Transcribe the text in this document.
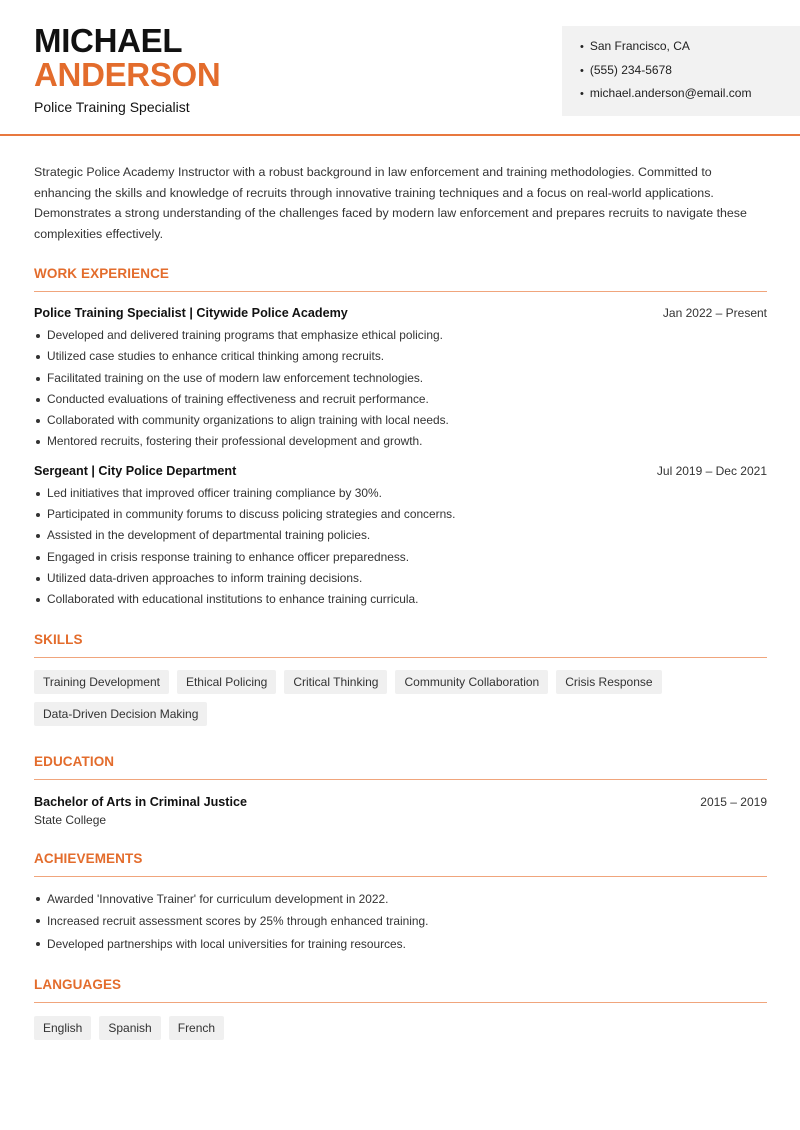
MICHAEL
ANDERSON
Police Training Specialist
• San Francisco, CA
• (555) 234-5678
• michael.anderson@email.com

Strategic Police Academy Instructor with a robust background in law enforcement and training methodologies. Committed to enhancing the skills and knowledge of recruits through innovative training techniques and a focus on real-world applications. Demonstrates a strong understanding of the challenges faced by modern law enforcement and prepares recruits to navigate these complexities effectively.

WORK EXPERIENCE
Police Training Specialist | Citywide Police Academy	Jan 2022 – Present
Developed and delivered training programs that emphasize ethical policing.
Utilized case studies to enhance critical thinking among recruits.
Facilitated training on the use of modern law enforcement technologies.
Conducted evaluations of training effectiveness and recruit performance.
Collaborated with community organizations to align training with local needs.
Mentored recruits, fostering their professional development and growth.
Sergeant | City Police Department	Jul 2019 – Dec 2021
Led initiatives that improved officer training compliance by 30%.
Participated in community forums to discuss policing strategies and concerns.
Assisted in the development of departmental training policies.
Engaged in crisis response training to enhance officer preparedness.
Utilized data-driven approaches to inform training decisions.
Collaborated with educational institutions to enhance training curricula.
SKILLS
Training Development	Ethical Policing	Critical Thinking	Community Collaboration	Crisis Response
Data-Driven Decision Making
EDUCATION
Bachelor of Arts in Criminal Justice	2015 – 2019
State College
ACHIEVEMENTS
Awarded 'Innovative Trainer' for curriculum development in 2022.
Increased recruit assessment scores by 25% through enhanced training.
Developed partnerships with local universities for training resources.
LANGUAGES
English	Spanish	French
